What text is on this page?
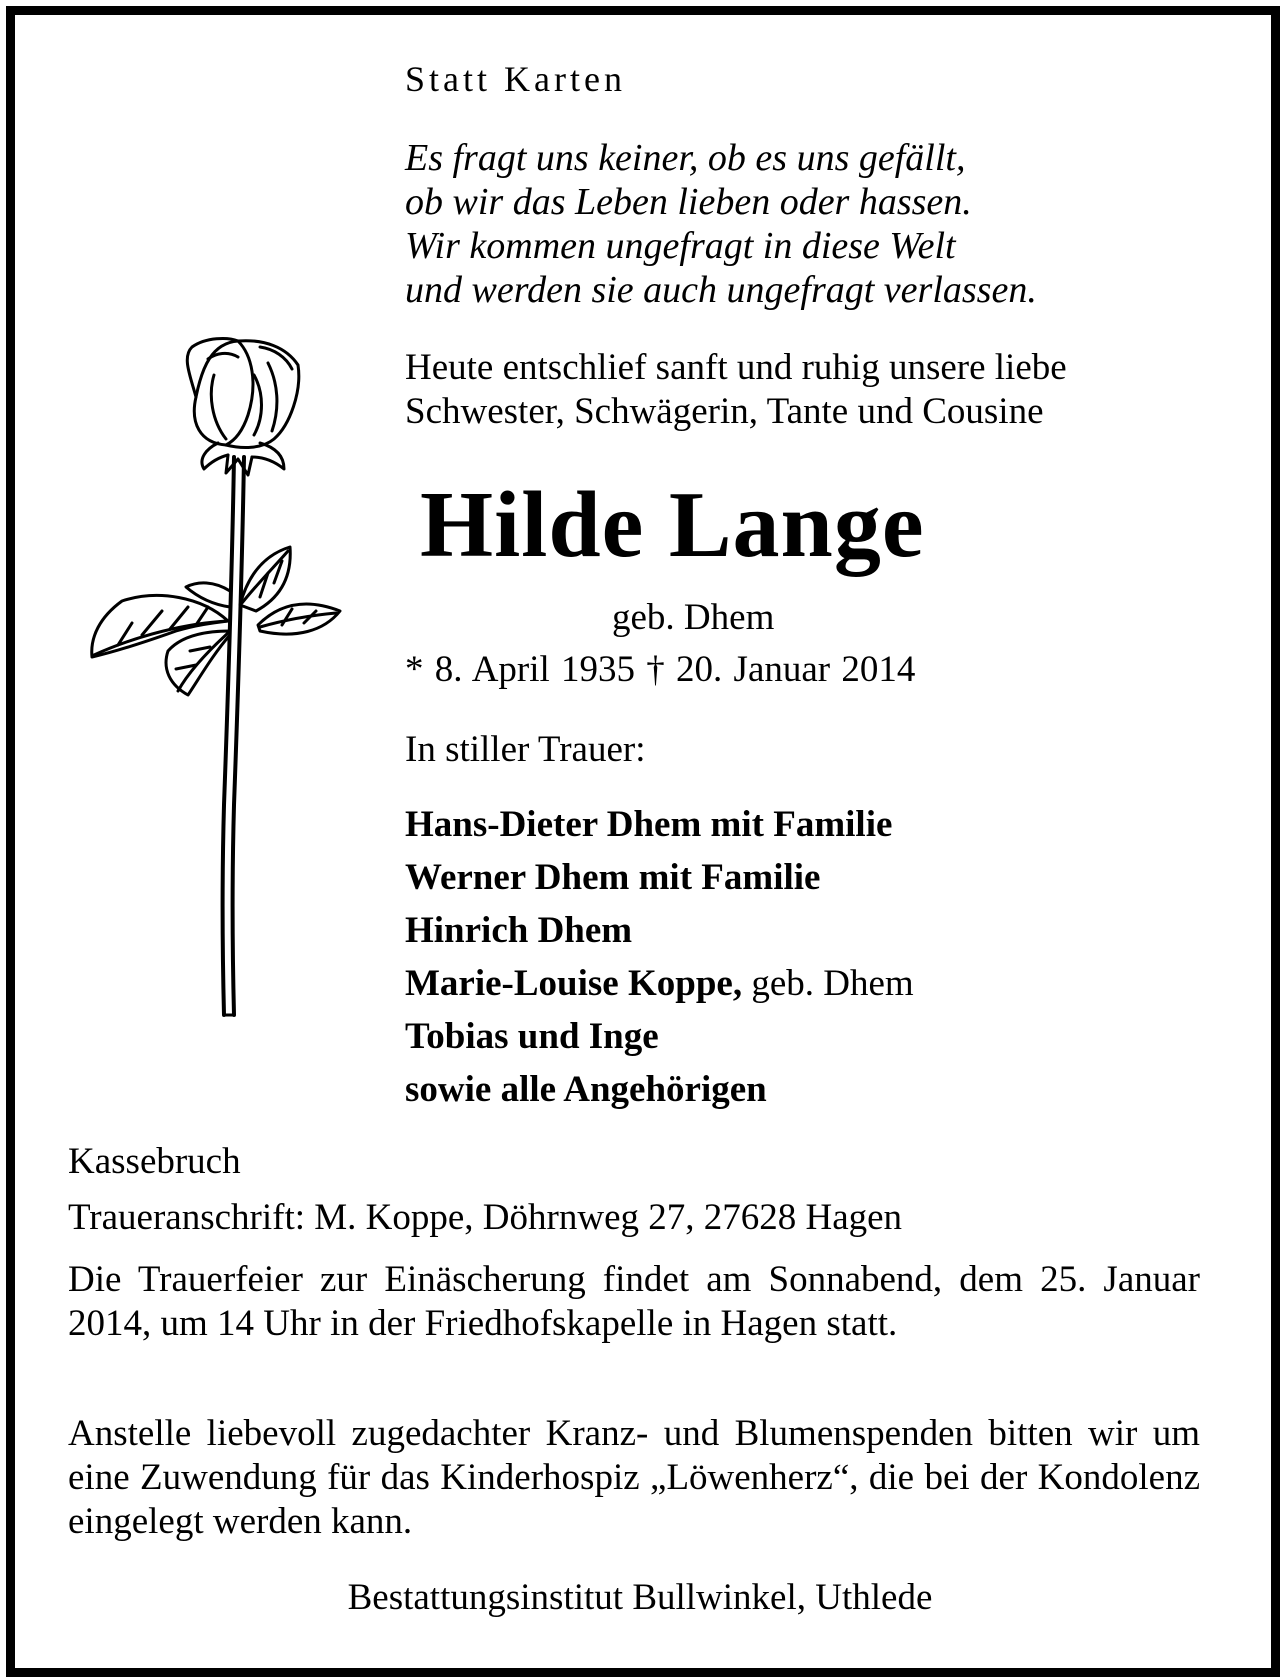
Statt Karten
Es fragt uns keiner, ob es uns gefällt,
ob wir das Leben lieben oder hassen.
Wir kommen ungefragt in diese Welt
und werden sie auch ungefragt verlassen.
Heute entschlief sanft und ruhig unsere liebe
Schwester, Schwägerin, Tante und Cousine
Hilde Lange
geb. Dhem
* 8. April 1935 † 20. Januar 2014
In stiller Trauer:
Hans-Dieter Dhem mit Familie
Werner Dhem mit Familie
Hinrich Dhem
Marie-Louise Koppe, geb. Dhem
Tobias und Inge
sowie alle Angehörigen
Kassebruch
Traueranschrift: M. Koppe, Döhrnweg 27, 27628 Hagen
Die Trauerfeier zur Einäscherung findet am Sonnabend, dem 25. Januar 2014, um 14 Uhr in der Friedhofskapelle in Hagen statt.
Anstelle liebevoll zugedachter Kranz- und Blumenspenden bitten wir um eine Zuwendung für das Kinderhospiz „Löwenherz“, die bei der Kondolenz eingelegt werden kann.
Bestattungsinstitut Bullwinkel, Uthlede
